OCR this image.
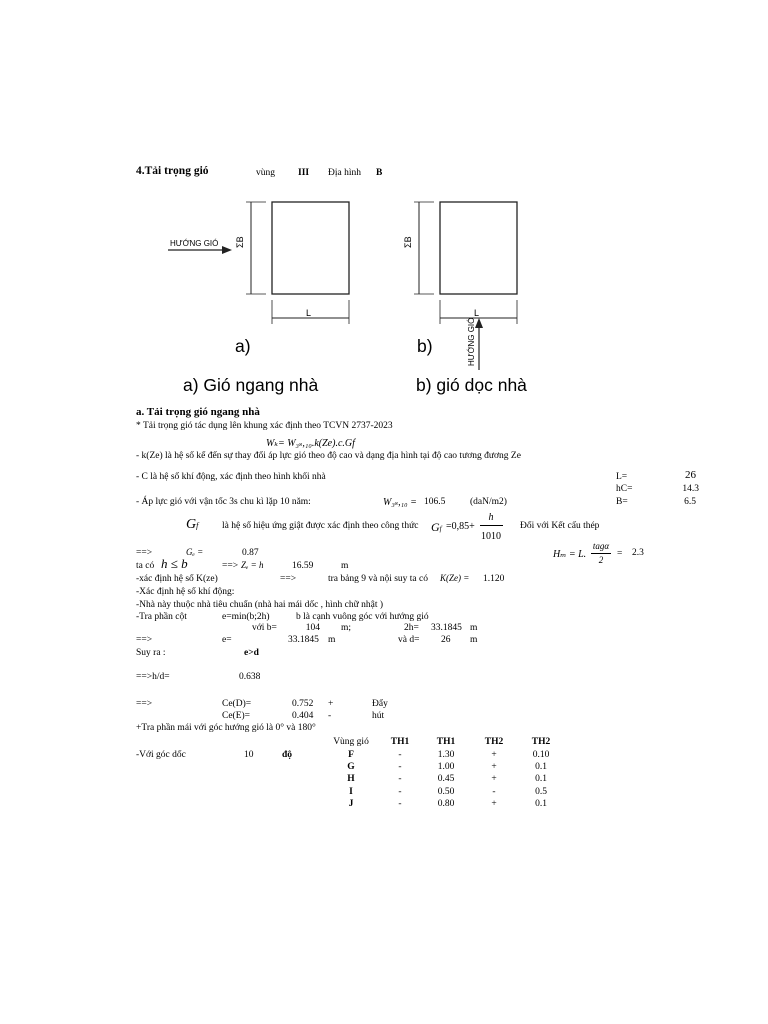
4.Tải trọng gió	vùng III Địa hình B
HƯỚNG GIÓ ΣB
L
HƯỚNG GIÓ
ΣB
L
a)	b)
a) Gió ngang nhà	b) gió dọc nhà
a. Tải trọng gió ngang nhà
* Tải trọng gió tác dụng lên khung xác định theo TCVN 2737-2023
Wₖ= W₃ₛ,₁₀.k(Ze).c.Gf
- k(Ze) là hệ số kể đến sự thay đổi áp lực gió theo độ cao và dạng địa hình tại độ cao tương đương Ze
- C là hệ số khí động, xác định theo hình khối nhà	L=	26
hC=	14.3
B=	6.5
- Áp lực gió với vận tốc 3s chu kì lặp 10 năm:	W₃ₛ,₁₀ = 106.5	(daN/m2)
Gf là hệ số hiệu ứng giật được xác định theo công thức Gf =0,85+
h
1010
Đối với Kết cấu thép
Hₘ = L.
tagα
2
= 2.3
==>	Gₑ =	0.87
ta có h ≤ b	==> Zₑ = h	16.59	m
-xác định hệ số K(ze)	==>	tra bảng 9 và nội suy ta có K(Ze) = 1.120
-Xác định hệ số khí động:
-Nhà này thuộc nhà tiêu chuẩn (nhà hai mái dốc , hình chữ nhật )
-Tra phần cột	e=min(b;2h)	b là cạnh vuông góc với hướng gió
với b=	104 m;	2h= 33.1845 m
==>	e=	33.1845 m	và d= 26 m
Suy ra :	e>d
==>h/d=	0.638
==>	Ce(D)=	0.752 +	Đẩy
Ce(E)=	0.404 -	hút
+Tra phần mái với góc hướng gió là 0° và 180°
-Với góc dốc	10	độ
Vùng gió	TH1	TH1	TH2	TH2
F	-	1.30	+	0.10
G	-	1.00	+	0.1
H	-	0.45	+	0.1
I	-	0.50	-	0.5
J	-	0.80	+	0.1
